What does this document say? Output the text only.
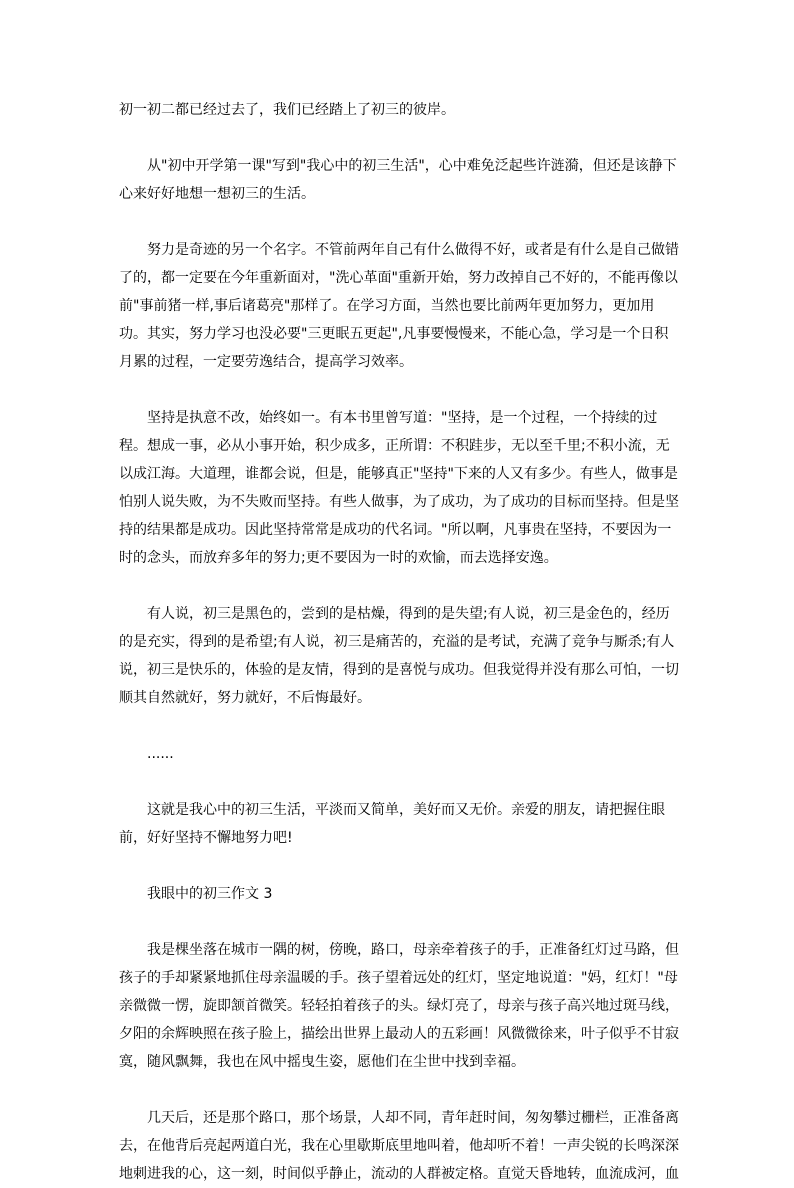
初一初二都已经过去了，我们已经踏上了初三的彼岸。

从"初中开学第一课"写到"我心中的初三生活"，心中难免泛起些许涟漪，但还是该静下心来好好地想一想初三的生活。

努力是奇迹的另一个名字。不管前两年自己有什么做得不好，或者是有什么是自己做错了的，都一定要在今年重新面对，"洗心革面"重新开始，努力改掉自己不好的，不能再像以前"事前猪一样,事后诸葛亮"那样了。在学习方面，当然也要比前两年更加努力，更加用功。其实，努力学习也没必要"三更眠五更起",凡事要慢慢来，不能心急，学习是一个日积月累的过程，一定要劳逸结合，提高学习效率。

坚持是执意不改，始终如一。有本书里曾写道："坚持，是一个过程，一个持续的过程。想成一事，必从小事开始，积少成多，正所谓：不积跬步，无以至千里;不积小流，无以成江海。大道理，谁都会说，但是，能够真正"坚持"下来的人又有多少。有些人，做事是怕别人说失败，为不失败而坚持。有些人做事，为了成功，为了成功的目标而坚持。但是坚持的结果都是成功。因此坚持常常是成功的代名词。"所以啊，凡事贵在坚持，不要因为一时的念头，而放弃多年的努力;更不要因为一时的欢愉，而去选择安逸。

有人说，初三是黑色的，尝到的是枯燥，得到的是失望;有人说，初三是金色的，经历的是充实，得到的是希望;有人说，初三是痛苦的，充溢的是考试，充满了竞争与厮杀;有人说，初三是快乐的，体验的是友情，得到的是喜悦与成功。但我觉得并没有那么可怕，一切顺其自然就好，努力就好，不后悔最好。

......

这就是我心中的初三生活，平淡而又简单，美好而又无价。亲爱的朋友，请把握住眼前，好好坚持不懈地努力吧!

我眼中的初三作文 3

我是棵坐落在城市一隅的树，傍晚，路口，母亲牵着孩子的手，正准备红灯过马路，但孩子的手却紧紧地抓住母亲温暖的手。孩子望着远处的红灯，坚定地说道："妈，红灯！"母亲微微一愣，旋即颔首微笑。轻轻拍着孩子的头。绿灯亮了，母亲与孩子高兴地过斑马线，夕阳的余辉映照在孩子脸上，描绘出世界上最动人的五彩画！风微微徐来，叶子似乎不甘寂寞，随风飘舞，我也在风中摇曳生姿，愿他们在尘世中找到幸福。

几天后，还是那个路口，那个场景，人却不同，青年赶时间，匆匆攀过栅栏，正准备离去，在他背后亮起两道白光，我在心里歇斯底里地叫着，他却听不着！一声尖锐的长鸣深深地刺进我的心，这一刻，时间似乎静止，流动的人群被定格。直觉天昏地转，血流成河，血
